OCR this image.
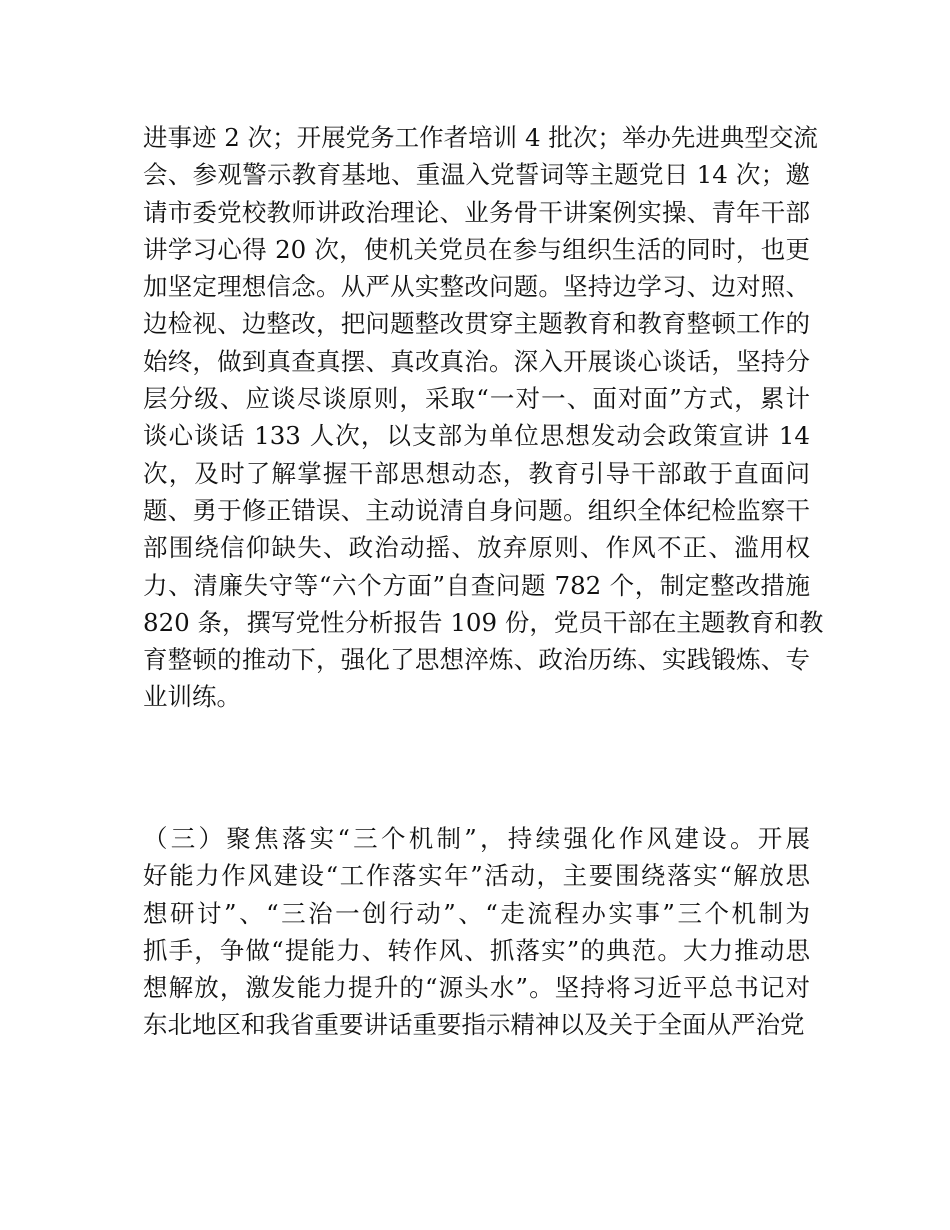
进事迹 2 次；开展党务工作者培训 4 批次；举办先进典型交流
会、参观警示教育基地、重温入党誓词等主题党日 14 次；邀
请市委党校教师讲政治理论、业务骨干讲案例实操、青年干部
讲学习心得 20 次，使机关党员在参与组织生活的同时，也更
加坚定理想信念。从严从实整改问题。坚持边学习、边对照、
边检视、边整改，把问题整改贯穿主题教育和教育整顿工作的
始终，做到真查真摆、真改真治。深入开展谈心谈话，坚持分
层分级、应谈尽谈原则，采取“一对一、面对面”方式，累计
谈心谈话 133 人次，以支部为单位思想发动会政策宣讲 14
次，及时了解掌握干部思想动态，教育引导干部敢于直面问
题、勇于修正错误、主动说清自身问题。组织全体纪检监察干
部围绕信仰缺失、政治动摇、放弃原则、作风不正、滥用权
力、清廉失守等“六个方面”自查问题 782 个，制定整改措施
820 条，撰写党性分析报告 109 份，党员干部在主题教育和教
育整顿的推动下，强化了思想淬炼、政治历练、实践锻炼、专
业训练。
（三）聚焦落实“三个机制”，持续强化作风建设。开展
好能力作风建设“工作落实年”活动，主要围绕落实“解放思
想研讨”、“三治一创行动”、“走流程办实事”三个机制为
抓手，争做“提能力、转作风、抓落实”的典范。大力推动思
想解放，激发能力提升的“源头水”。坚持将习近平总书记对
东北地区和我省重要讲话重要指示精神以及关于全面从严治党
